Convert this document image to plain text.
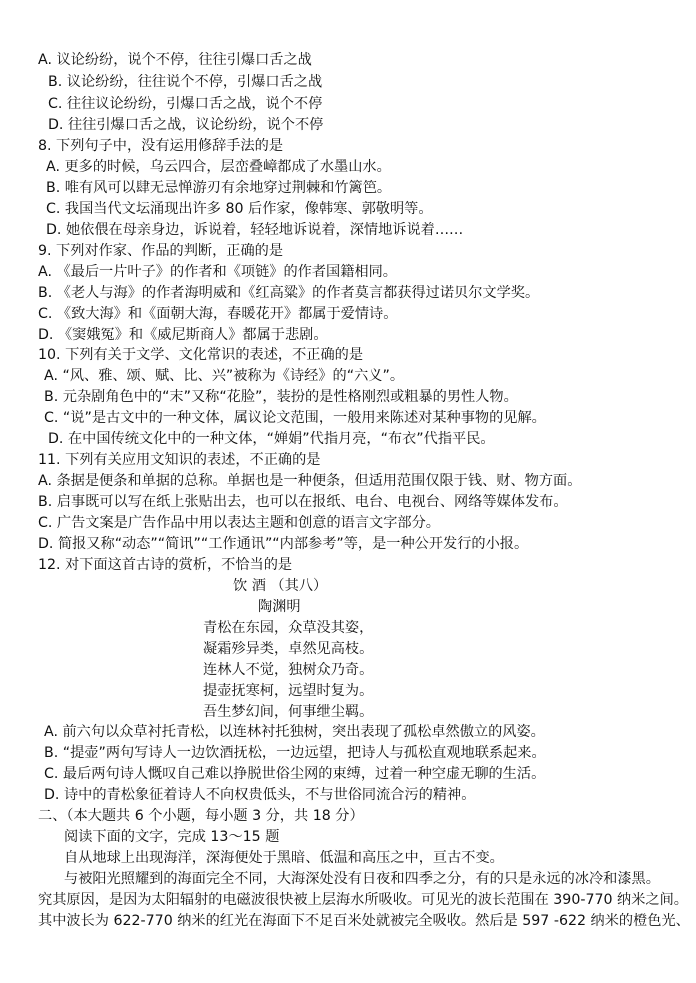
A. 议论纷纷，说个不停，往往引爆口舌之战
B. 议论纷纷，往往说个不停，引爆口舌之战
C. 往往议论纷纷，引爆口舌之战，说个不停
D. 往往引爆口舌之战，议论纷纷，说个不停
8. 下列句子中，没有运用修辞手法的是
A. 更多的时候，乌云四合，层峦叠嶂都成了水墨山水。
B. 唯有风可以肆无忌惮游刃有余地穿过荆棘和竹篱笆。
C. 我国当代文坛涌现出许多 80 后作家，像韩寒、郭敬明等。
D. 她依偎在母亲身边，诉说着，轻轻地诉说着，深情地诉说着……
9. 下列对作家、作品的判断，正确的是
A. 《最后一片叶子》的作者和《项链》的作者国籍相同。
B. 《老人与海》的作者海明威和《红高粱》的作者莫言都获得过诺贝尔文学奖。
C. 《致大海》和《面朝大海，春暖花开》都属于爱情诗。
D. 《窦娥冤》和《威尼斯商人》都属于悲剧。
10. 下列有关于文学、文化常识的表述，不正确的是
A. “风、雅、颂、赋、比、兴”被称为《诗经》的“六义”。
B. 元杂剧角色中的“末”又称“花脸”，装扮的是性格刚烈或粗暴的男性人物。
C. “说”是古文中的一种文体，属议论文范围，一般用来陈述对某种事物的见解。
D. 在中国传统文化中的一种文体，“婵娟”代指月亮，“布衣”代指平民。
11. 下列有关应用文知识的表述，不正确的是
A. 条据是便条和单据的总称。单据也是一种便条，但适用范围仅限于钱、财、物方面。
B. 启事既可以写在纸上张贴出去，也可以在报纸、电台、电视台、网络等媒体发布。
C. 广告文案是广告作品中用以表达主题和创意的语言文字部分。
D. 简报又称“动态”“简讯”“工作通讯”“内部参考”等，是一种公开发行的小报。
12. 对下面这首古诗的赏析，不恰当的是
饮 酒 （其八）
陶渊明
青松在东园，众草没其姿，
凝霜殄异类，卓然见高枝。
连林人不觉，独树众乃奇。
提壶抚寒柯，远望时复为。
吾生梦幻间，何事绁尘羁。
A. 前六句以众草衬托青松，以连林衬托独树，突出表现了孤松卓然傲立的风姿。
B. “提壶”两句写诗人一边饮酒抚松，一边远望，把诗人与孤松直观地联系起来。
C. 最后两句诗人慨叹自己难以挣脱世俗尘网的束缚，过着一种空虚无聊的生活。
D. 诗中的青松象征着诗人不向权贵低头，不与世俗同流合污的精神。
二、（本大题共 6 个小题，每小题 3 分，共 18 分）
阅读下面的文字，完成 13～15 题
自从地球上出现海洋，深海便处于黑暗、低温和高压之中，亘古不变。
与被阳光照耀到的海面完全不同，大海深处没有日夜和四季之分，有的只是永远的冰冷和漆黑。
究其原因，是因为太阳辐射的电磁波很快被上层海水所吸收。可见光的波长范围在 390-770 纳米之间。
其中波长为 622-770 纳米的红光在海面下不足百米处就被完全吸收。然后是 597 -622 纳米的橙色光、
